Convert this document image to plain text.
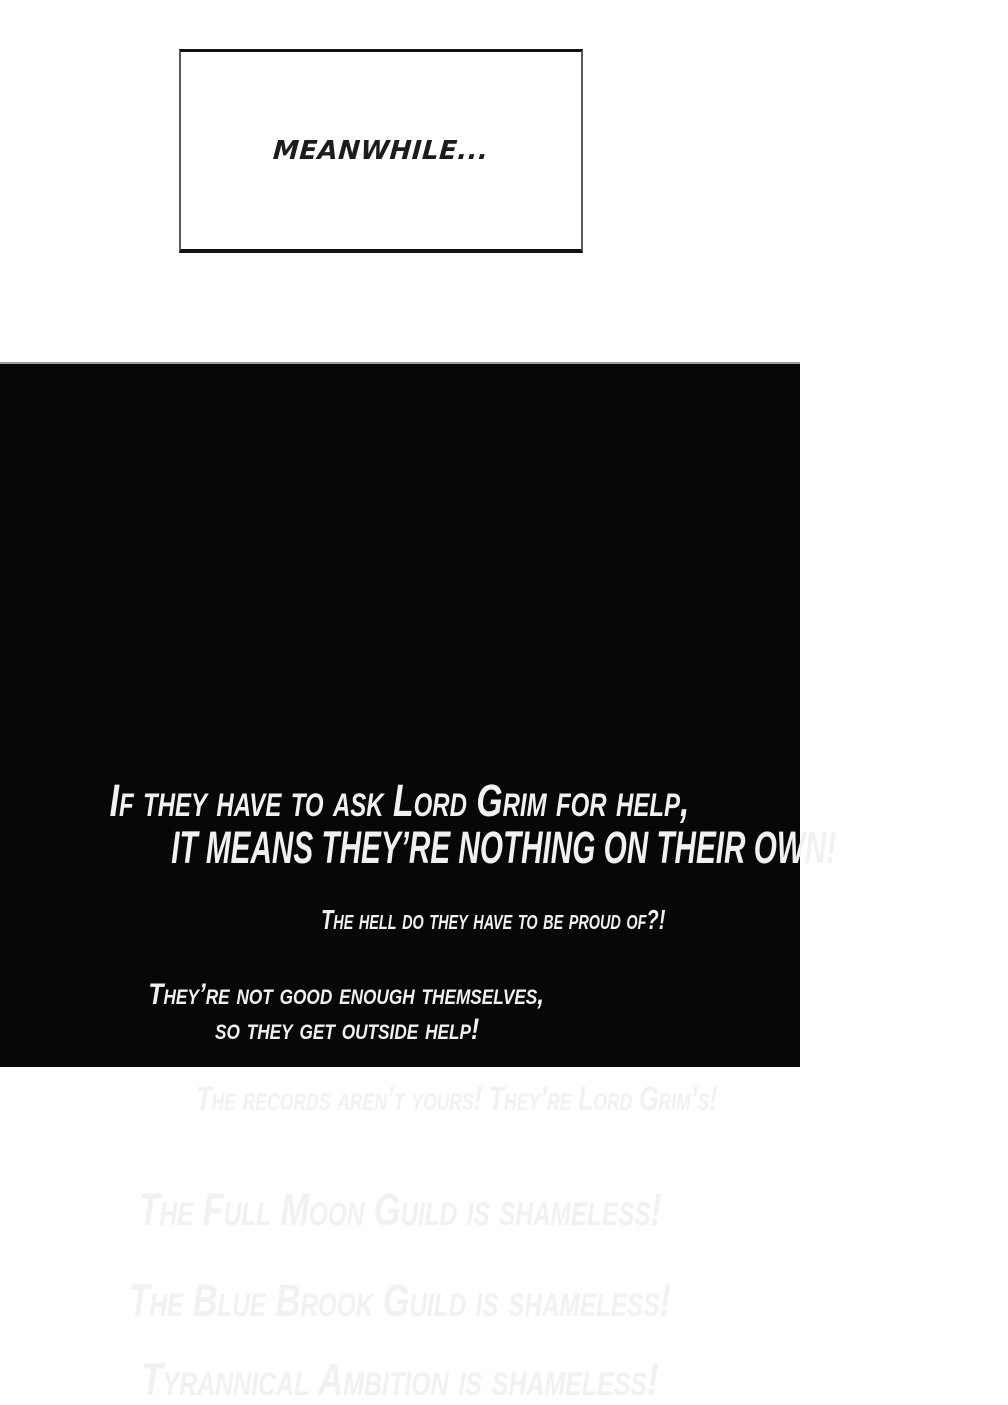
MEANWHILE...
If they have to ask Lord Grim for help,
IT MEANS THEY’RE NOTHING ON THEIR OWN!
The hell do they have to be proud of?!
They’re not good enough themselves,
so they get outside help!
The records aren’t yours! They’re Lord Grim’s!
The Full Moon Guild is shameless!
The Blue Brook Guild is shameless!
Tyrannical Ambition is shameless!
